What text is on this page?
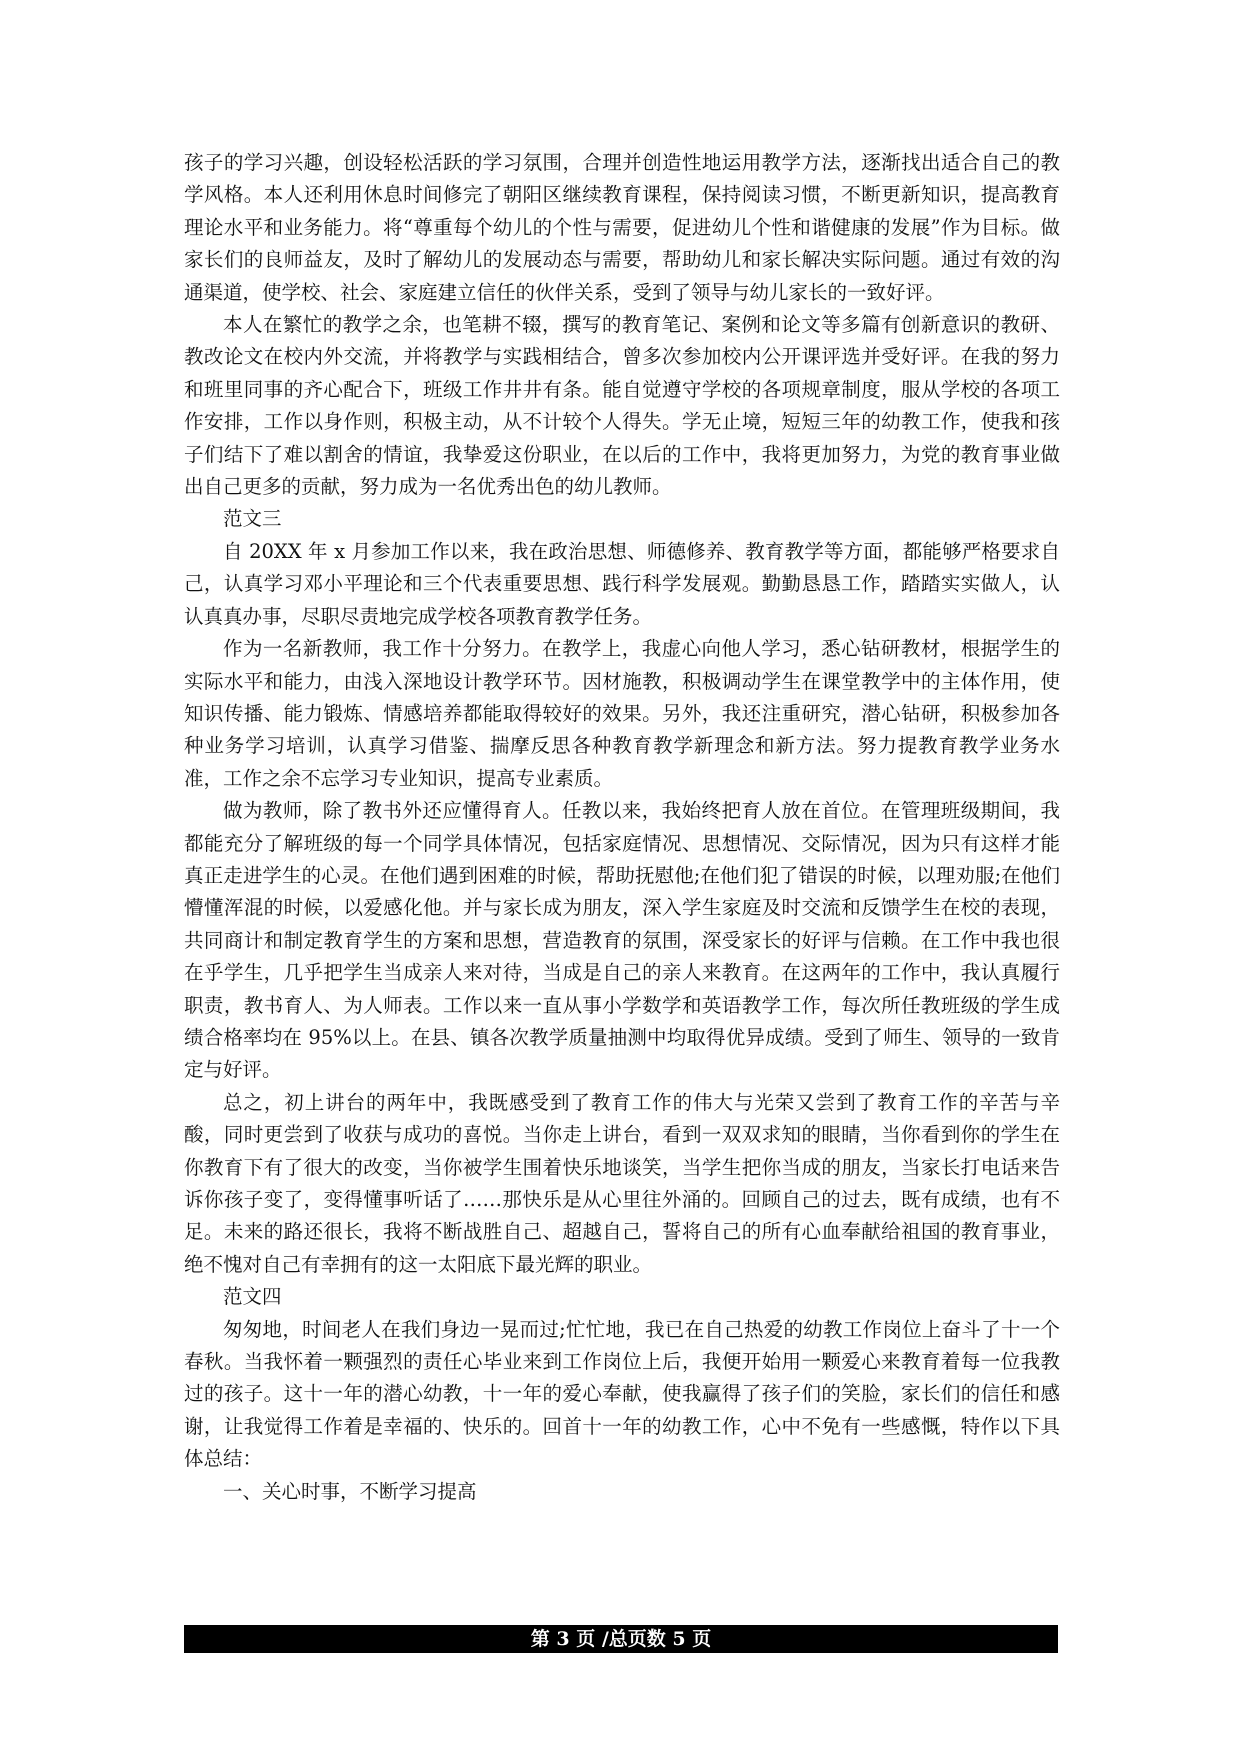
孩子的学习兴趣，创设轻松活跃的学习氛围，合理并创造性地运用教学方法，逐渐找出适合自己的教学风格。本人还利用休息时间修完了朝阳区继续教育课程，保持阅读习惯，不断更新知识，提高教育理论水平和业务能力。将“尊重每个幼儿的个性与需要，促进幼儿个性和谐健康的发展”作为目标。做家长们的良师益友，及时了解幼儿的发展动态与需要，帮助幼儿和家长解决实际问题。通过有效的沟通渠道，使学校、社会、家庭建立信任的伙伴关系，受到了领导与幼儿家长的一致好评。

本人在繁忙的教学之余，也笔耕不辍，撰写的教育笔记、案例和论文等多篇有创新意识的教研、教改论文在校内外交流，并将教学与实践相结合，曾多次参加校内公开课评选并受好评。在我的努力和班里同事的齐心配合下，班级工作井井有条。能自觉遵守学校的各项规章制度，服从学校的各项工作安排，工作以身作则，积极主动，从不计较个人得失。学无止境，短短三年的幼教工作，使我和孩子们结下了难以割舍的情谊，我挚爱这份职业，在以后的工作中，我将更加努力，为党的教育事业做出自己更多的贡献，努力成为一名优秀出色的幼儿教师。

范文三

自 20XX 年 x 月参加工作以来，我在政治思想、师德修养、教育教学等方面，都能够严格要求自己，认真学习邓小平理论和三个代表重要思想、践行科学发展观。勤勤恳恳工作，踏踏实实做人，认认真真办事，尽职尽责地完成学校各项教育教学任务。

作为一名新教师，我工作十分努力。在教学上，我虚心向他人学习，悉心钻研教材，根据学生的实际水平和能力，由浅入深地设计教学环节。因材施教，积极调动学生在课堂教学中的主体作用，使知识传播、能力锻炼、情感培养都能取得较好的效果。另外，我还注重研究，潜心钻研，积极参加各种业务学习培训，认真学习借鉴、揣摩反思各种教育教学新理念和新方法。努力提教育教学业务水准，工作之余不忘学习专业知识，提高专业素质。

做为教师，除了教书外还应懂得育人。任教以来，我始终把育人放在首位。在管理班级期间，我都能充分了解班级的每一个同学具体情况，包括家庭情况、思想情况、交际情况，因为只有这样才能真正走进学生的心灵。在他们遇到困难的时候，帮助抚慰他;在他们犯了错误的时候，以理劝服;在他们懵懂浑混的时候，以爱感化他。并与家长成为朋友，深入学生家庭及时交流和反馈学生在校的表现，共同商计和制定教育学生的方案和思想，营造教育的氛围，深受家长的好评与信赖。在工作中我也很在乎学生，几乎把学生当成亲人来对待，当成是自己的亲人来教育。在这两年的工作中，我认真履行职责，教书育人、为人师表。工作以来一直从事小学数学和英语教学工作，每次所任教班级的学生成绩合格率均在 95%以上。在县、镇各次教学质量抽测中均取得优异成绩。受到了师生、领导的一致肯定与好评。

总之，初上讲台的两年中，我既感受到了教育工作的伟大与光荣又尝到了教育工作的辛苦与辛酸，同时更尝到了收获与成功的喜悦。当你走上讲台，看到一双双求知的眼睛，当你看到你的学生在你教育下有了很大的改变，当你被学生围着快乐地谈笑，当学生把你当成的朋友，当家长打电话来告诉你孩子变了，变得懂事听话了……那快乐是从心里往外涌的。回顾自己的过去，既有成绩，也有不足。未来的路还很长，我将不断战胜自己、超越自己，誓将自己的所有心血奉献给祖国的教育事业，绝不愧对自己有幸拥有的这一太阳底下最光辉的职业。

范文四

匆匆地，时间老人在我们身边一晃而过;忙忙地，我已在自己热爱的幼教工作岗位上奋斗了十一个春秋。当我怀着一颗强烈的责任心毕业来到工作岗位上后，我便开始用一颗爱心来教育着每一位我教过的孩子。这十一年的潜心幼教，十一年的爱心奉献，使我赢得了孩子们的笑脸，家长们的信任和感谢，让我觉得工作着是幸福的、快乐的。回首十一年的幼教工作，心中不免有一些感慨，特作以下具体总结：

一、关心时事，不断学习提高

第 3 页 /总页数 5 页
